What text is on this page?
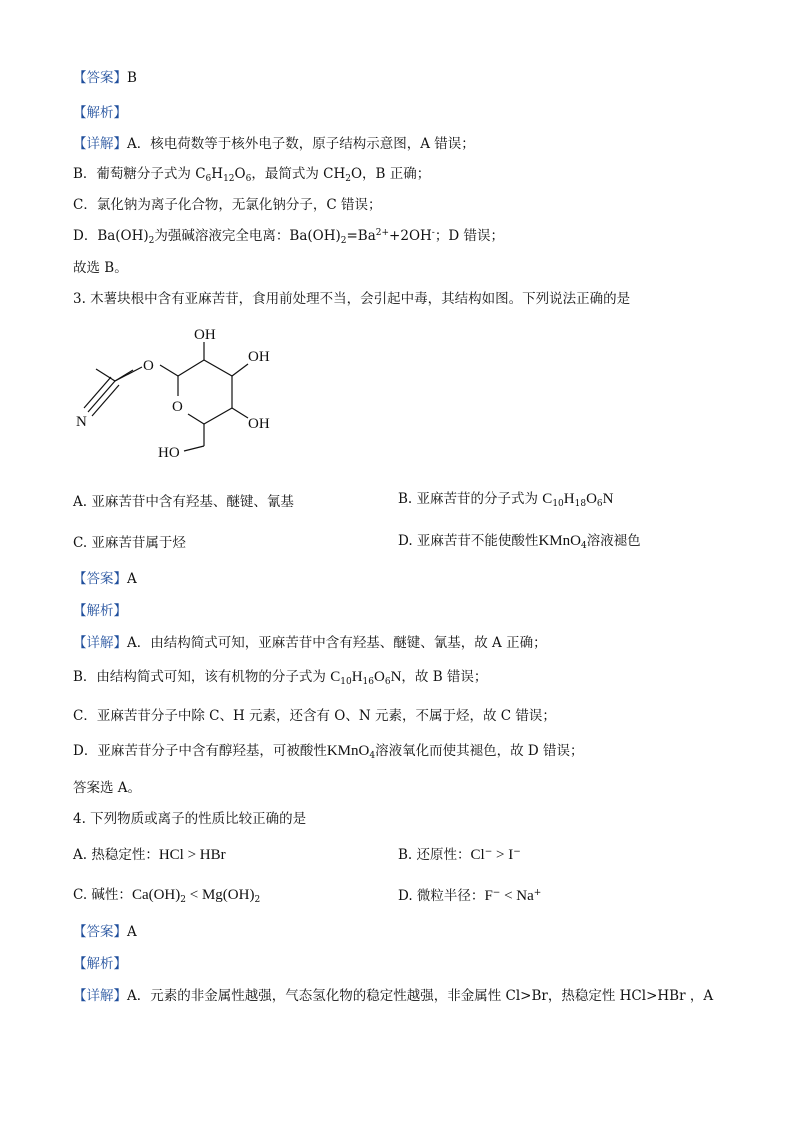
【答案】B
【解析】
【详解】A．核电荷数等于核外电子数，原子结构示意图，A 错误；
B．葡萄糖分子式为 $C_6H_{12}O_6$，最简式为 $CH_2O$，B 正确；
C．氯化钠为离子化合物，无氯化钠分子，C 错误；
D．$Ba(OH)_2$为强碱溶液完全电离：$Ba(OH)_2=Ba^{2+}+2OH^-$；D 错误；
故选 B。
3. 木薯块根中含有亚麻苦苷，食用前处理不当，会引起中毒，其结构如图。下列说法正确的是
N
O
O
OH
OH
OH
HO
A. 亚麻苦苷中含有羟基、醚键、氰基	B. 亚麻苦苷的分子式为 $C_{10}H_{18}O_6N$
C. 亚麻苦苷属于烃	D. 亚麻苦苷不能使酸性KMnO$_4$溶液褪色
【答案】A
【解析】
【详解】A．由结构简式可知，亚麻苦苷中含有羟基、醚键、氰基，故 A 正确；
B．由结构简式可知，该有机物的分子式为 $C_{10}H_{16}O_6N$，故 B 错误；
C．亚麻苦苷分子中除 C、H 元素，还含有 O、N 元素，不属于烃，故 C 错误；
D．亚麻苦苷分子中含有醇羟基，可被酸性KMnO$_4$溶液氧化而使其褪色，故 D 错误；
答案选 A。
4. 下列物质或离子的性质比较正确的是
A. 热稳定性：HCl > HBr	B. 还原性：Cl− > I−
C. 碱性：$Ca(OH)_2 < Mg(OH)_2$	D. 微粒半径：F− < Na+
【答案】A
【解析】
【详解】A．元素的非金属性越强，气态氢化物的稳定性越强，非金属性 Cl>Br，热稳定性 HCl>HBr ，A
